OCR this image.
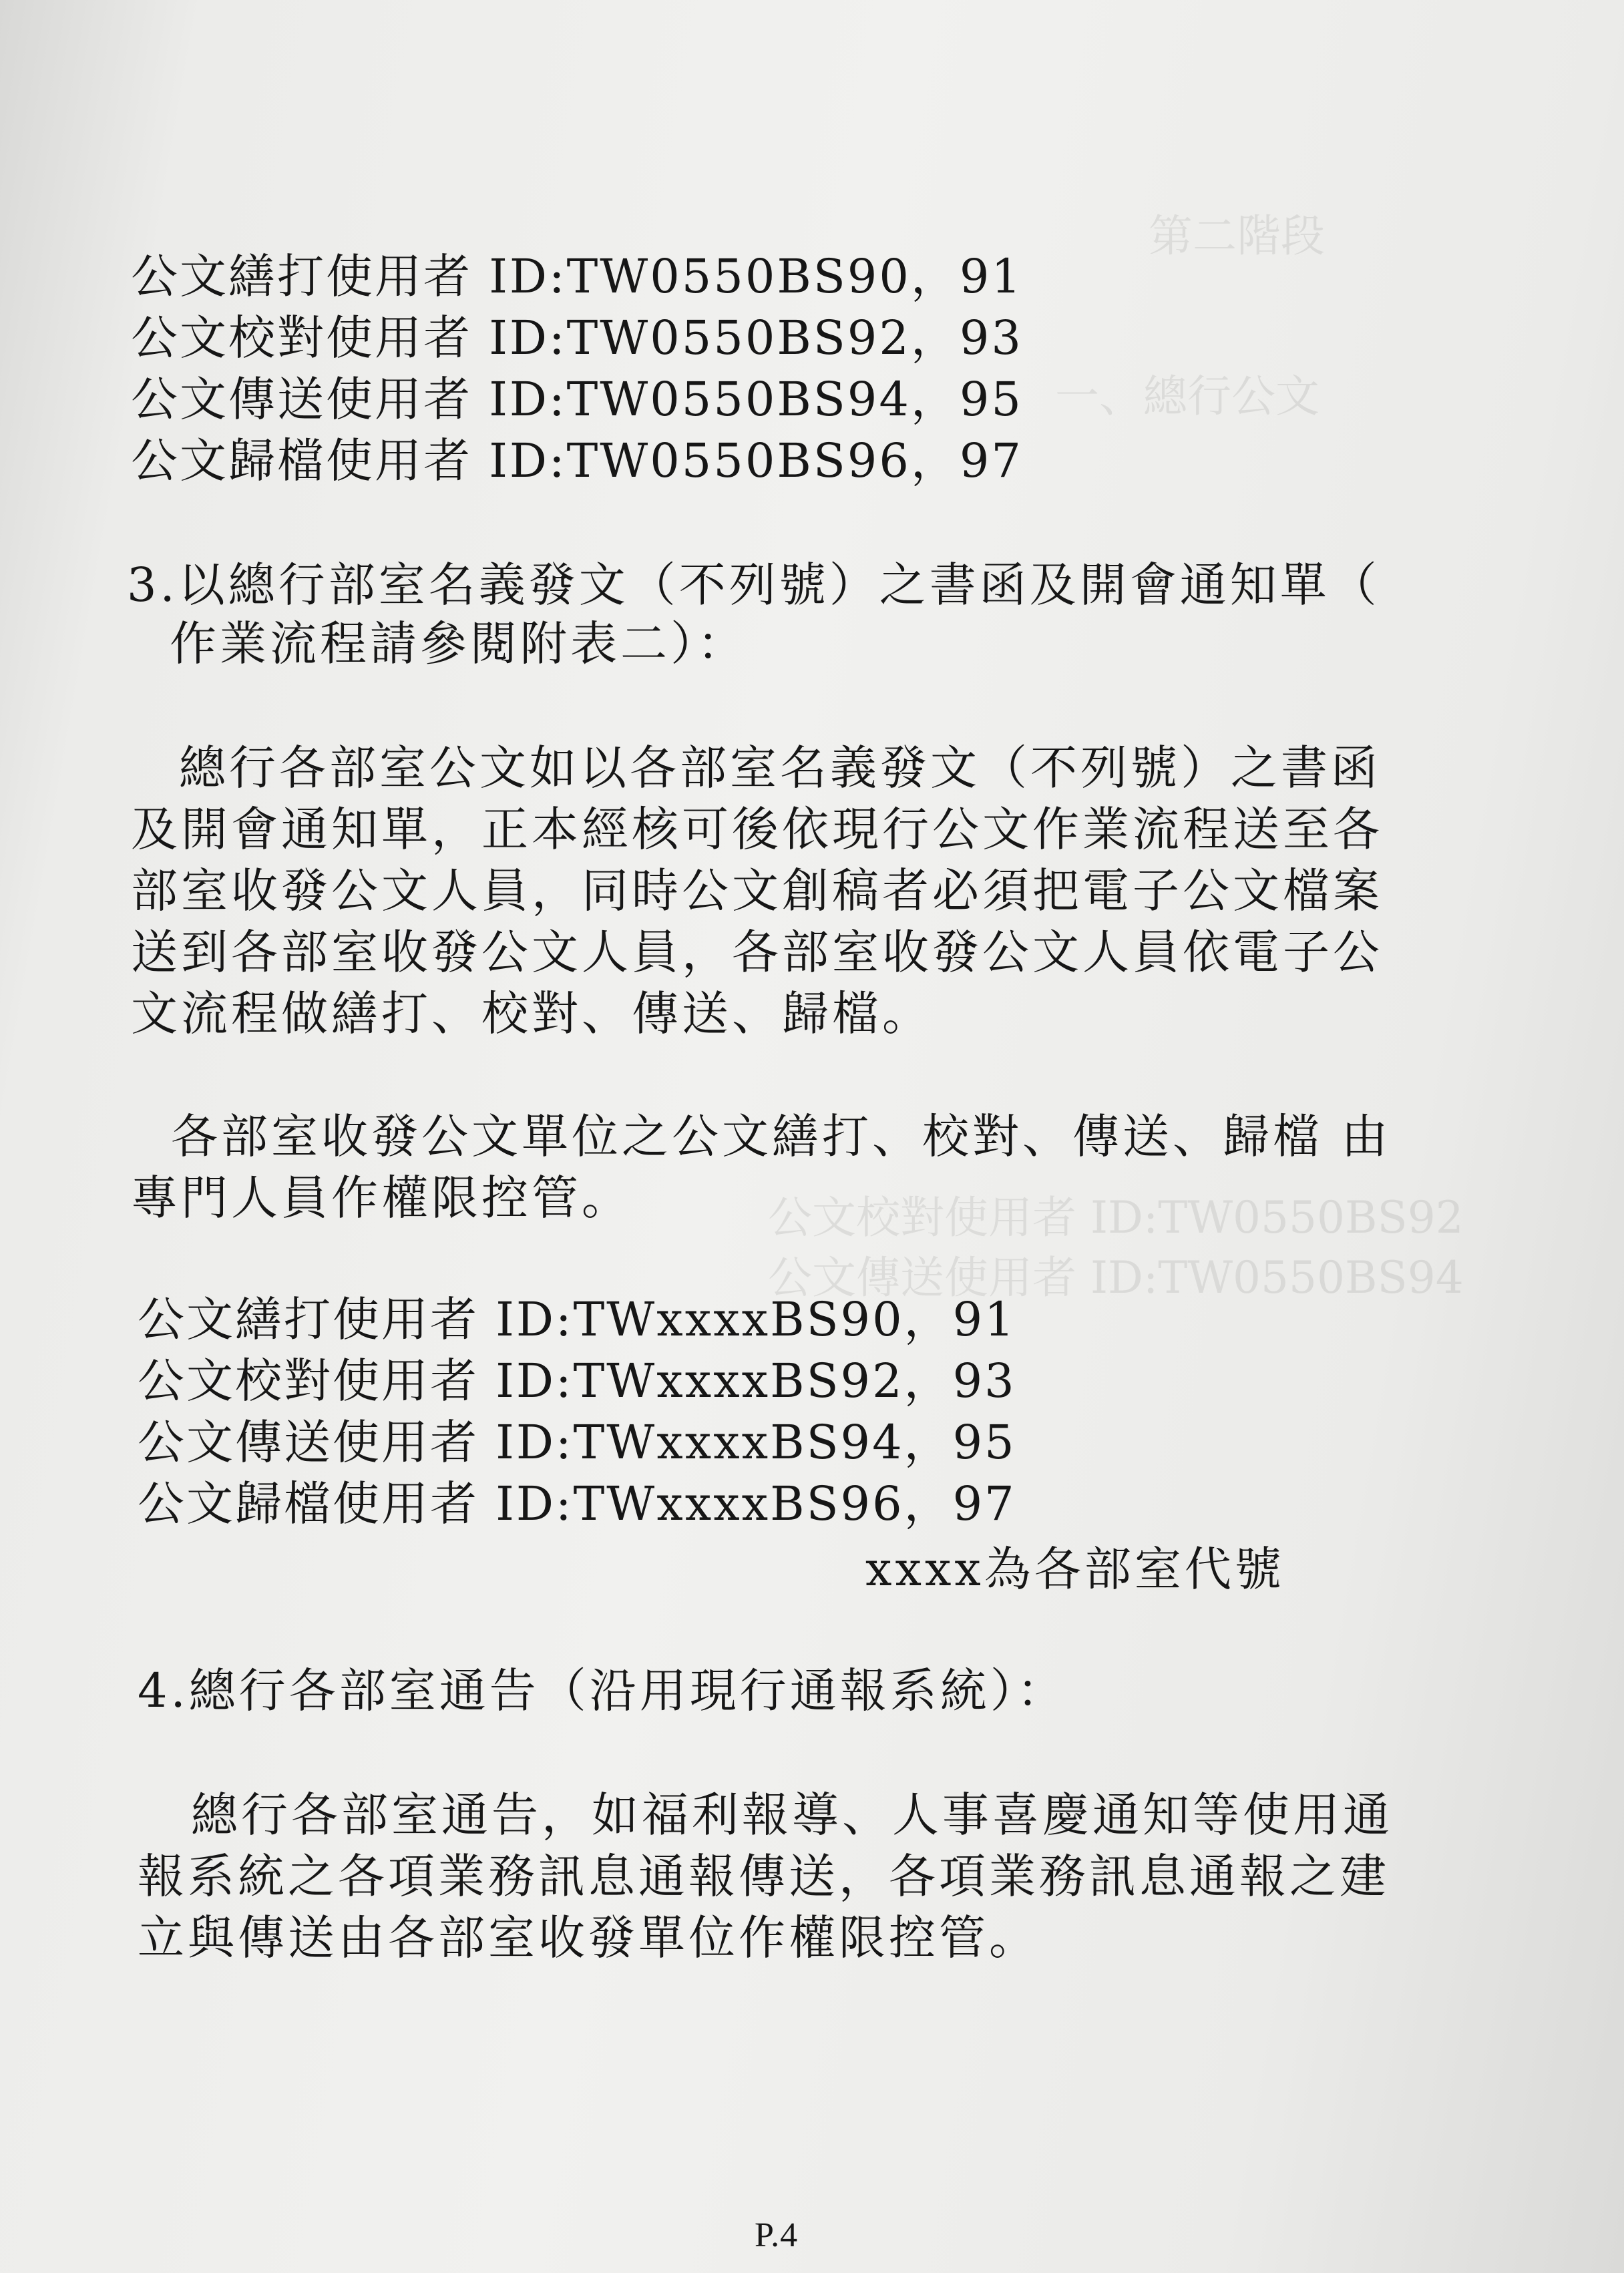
第二階段
一、總行公文
公文校對使用者 ID:TW0550BS92
公文傳送使用者 ID:TW0550BS94
公文繕打使用者 ID:TW0550BS90，91
公文校對使用者 ID:TW0550BS92，93
公文傳送使用者 ID:TW0550BS94，95
公文歸檔使用者 ID:TW0550BS96，97
3.以總行部室名義發文（不列號）之書函及開會通知單（
作業流程請參閱附表二）：
總行各部室公文如以各部室名義發文（不列號）之書函
及開會通知單，正本經核可後依現行公文作業流程送至各
部室收發公文人員，同時公文創稿者必須把電子公文檔案
送到各部室收發公文人員，各部室收發公文人員依電子公
文流程做繕打、校對、傳送、歸檔。
各部室收發公文單位之公文繕打、校對、傳送、歸檔 由
專門人員作權限控管。
公文繕打使用者 ID:TWxxxxBS90，91
公文校對使用者 ID:TWxxxxBS92，93
公文傳送使用者 ID:TWxxxxBS94，95
公文歸檔使用者 ID:TWxxxxBS96，97
xxxx為各部室代號
4.總行各部室通告（沿用現行通報系統）：
總行各部室通告，如福利報導、人事喜慶通知等使用通
報系統之各項業務訊息通報傳送，各項業務訊息通報之建
立與傳送由各部室收發單位作權限控管。
P.4
